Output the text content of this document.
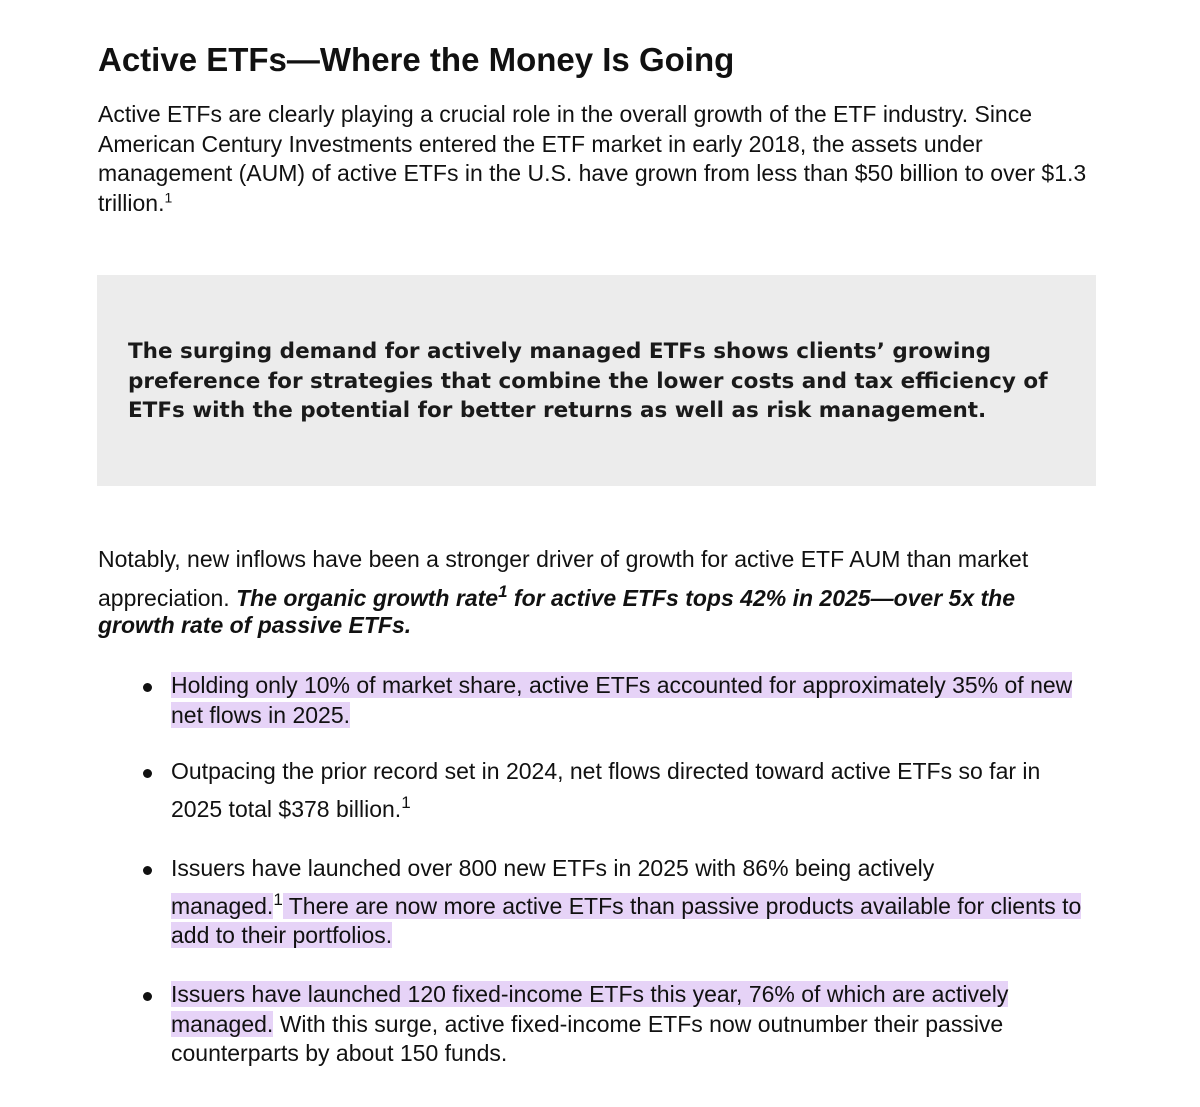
Active ETFs—Where the Money Is Going

Active ETFs are clearly playing a crucial role in the overall growth of the ETF industry. Since American Century Investments entered the ETF market in early 2018, the assets under management (AUM) of active ETFs in the U.S. have grown from less than $50 billion to over $1.3 trillion.$^1$

The surging demand for actively managed ETFs shows clients’ growing preference for strategies that combine the lower costs and tax efficiency of ETFs with the potential for better returns as well as risk management.

Notably, new inflows have been a stronger driver of growth for active ETF AUM than market appreciation. The organic growth rate$^1$ for active ETFs tops 42% in 2025—over 5x the
growth rate of passive ETFs.

Holding only 10% of market share, active ETFs accounted for approximately 35% of new net flows in 2025.
Outpacing the prior record set in 2024, net flows directed toward active ETFs so far in
2025 total $378 billion.$^1$
Issuers have launched over 800 new ETFs in 2025 with 86% being actively
managed.$^1$ There are now more active ETFs than passive products available for clients to add to their portfolios.
Issuers have launched 120 fixed-income ETFs this year, 76% of which are actively managed. With this surge, active fixed-income ETFs now outnumber their passive counterparts by about 150 funds.
